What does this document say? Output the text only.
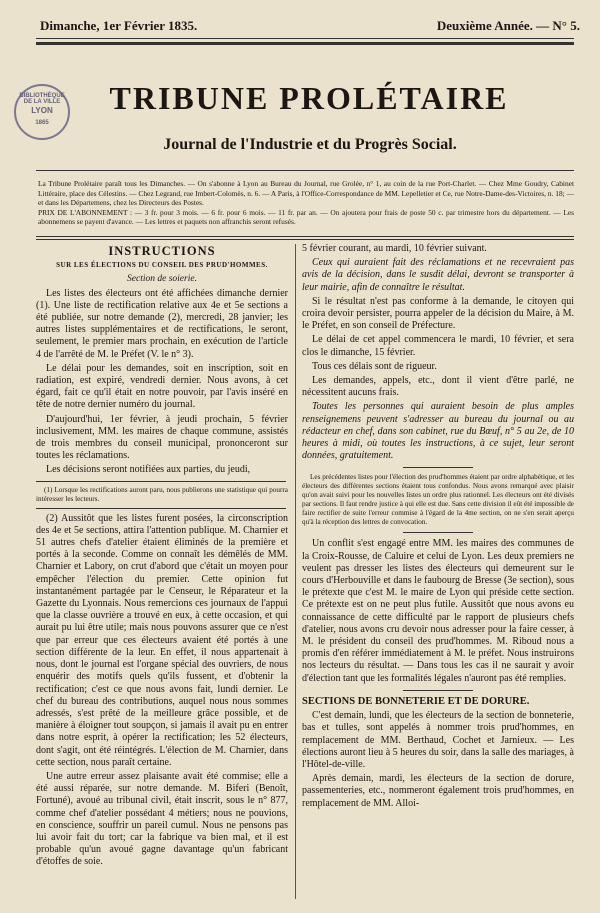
Dimanche, 1er Février 1835.	Deuxième Année. — N° 5.
BIBLIOTHÈQUE DE LA VILLE
LYON
1865
TRIBUNE PROLÉTAIRE
Journal de l'Industrie et du Progrès Social.

La Tribune Prolétaire paraît tous les Dimanches. — On s'abonne à Lyon au Bureau du Journal, rue Grolée, n° 1, au coin de la rue Port-Charlet. — Chez Mme Goudry, Cabinet Littéraire, place des Célestins. — Chez Legrand, rue Imbert-Colomès, n. 6. — A Paris, à l'Office-Correspondance de MM. Lepelletier et Ce, rue Notre-Dame-des-Victoires, n. 18; — et dans les Départemens, chez les Directeurs des Postes.

PRIX DE L'ABONNEMENT : — 3 fr. pour 3 mois. — 6 fr. pour 6 mois. — 11 fr. par an. — On ajoutera pour frais de poste 50 c. par trimestre hors du département. — Les abonnemens se payent d'avance. — Les lettres et paquets non affranchis seront refusés.

INSTRUCTIONS

SUR LES ÉLECTIONS DU CONSEIL DES PRUD'HOMMES.

Section de soierie.

Les listes des électeurs ont été affichées dimanche dernier (1). Une liste de rectification relative aux 4e et 5e sections a été publiée, sur notre demande (2), mercredi, 28 janvier; les autres listes supplémentaires et de rectifications, le seront, seulement, le premier mars prochain, en exécution de l'article 4 de l'arrêté de M. le Préfet (V. le n° 3).

Le délai pour les demandes, soit en inscription, soit en radiation, est expiré, vendredi dernier. Nous avons, à cet égard, fait ce qu'il était en notre pouvoir, par l'avis inséré en tête de notre dernier numéro du journal.

D'aujourd'hui, 1er février, à jeudi prochain, 5 février inclusivement, MM. les maires de chaque commune, assistés de trois membres du conseil municipal, prononceront sur toutes les réclamations.

Les décisions seront notifiées aux parties, du jeudi,

(1) Lorsque les rectifications auront paru, nous publierons une statistique qui pourra intéresser les lecteurs.

(2) Aussitôt que les listes furent posées, la circonscription des 4e et 5e sections, attira l'attention publique. M. Charnier et 51 autres chefs d'atelier étaient éliminés de la première et portés à la seconde. Comme on connaît les démêlés de MM. Charnier et Labory, on crut d'abord que c'était un moyen pour empêcher l'élection du premier. Cette opinion fut instantanément partagée par le Censeur, le Réparateur et la Gazette du Lyonnais. Nous remercions ces journaux de l'appui que la classe ouvrière a trouvé en eux, à cette occasion, et qui aurait pu lui être utile; mais nous pouvons assurer que ce n'est que par erreur que ces électeurs avaient été portés à une section différente de la leur. En effet, il nous appartenait à nous, dont le journal est l'organe spécial des ouvriers, de nous enquérir des motifs quels qu'ils fussent, et d'obtenir la rectification; c'est ce que nous avons fait, lundi dernier. Le chef du bureau des contributions, auquel nous nous sommes adressés, s'est prêté de la meilleure grâce possible, et de manière à éloigner tout soupçon, si jamais il avait pu en entrer dans notre esprit, à opérer la rectification; les 52 électeurs, dont s'agit, ont été réintégrés. L'élection de M. Charnier, dans cette section, nous paraît certaine.

Une autre erreur assez plaisante avait été commise; elle a été aussi réparée, sur notre demande. M. Biferi (Benoît, Fortuné), avoué au tribunal civil, était inscrit, sous le n° 877, comme chef d'atelier possédant 4 métiers; nous ne pouvions, en conscience, souffrir un pareil cumul. Nous ne pensons pas lui avoir fait du tort; car la fabrique va bien mal, et il est probable qu'un avoué gagne davantage qu'un fabricant d'étoffes de soie.

5 février courant, au mardi, 10 février suivant.

Ceux qui auraient fait des réclamations et ne recevraient pas avis de la décision, dans le susdit délai, devront se transporter à leur mairie, afin de connaître le résultat.

Si le résultat n'est pas conforme à la demande, le citoyen qui croira devoir persister, pourra appeler de la décision du Maire, à M. le Préfet, en son conseil de Préfecture.

Le délai de cet appel commencera le mardi, 10 février, et sera clos le dimanche, 15 février.

Tous ces délais sont de rigueur.

Les demandes, appels, etc., dont il vient d'être parlé, ne nécessitent aucuns frais.

Toutes les personnes qui auraient besoin de plus amples renseignemens peuvent s'adresser au bureau du journal ou au rédacteur en chef, dans son cabinet, rue du Bœuf, n° 5 au 2e, de 10 heures à midi, où toutes les instructions, à ce sujet, leur seront données, gratuitement.

Les précédentes listes pour l'élection des prud'hommes étaient par ordre alphabétique, et les électeurs des différentes sections étaient tous confondus. Nous avons remarqué avec plaisir qu'on avait suivi pour les nouvelles listes un ordre plus rationnel. Les électeurs ont été divisés par sections. Il faut rendre justice à qui elle est due. Sans cette division il eût été impossible de faire rectifier de suite l'erreur commise à l'égard de la 4me section, on ne s'en serait aperçu qu'à la réception des lettres de convocation.

Un conflit s'est engagé entre MM. les maires des communes de la Croix-Rousse, de Caluire et celui de Lyon. Les deux premiers ne veulent pas dresser les listes des électeurs qui demeurent sur le cours d'Herbouville et dans le faubourg de Bresse (3e section), sous le prétexte que c'est M. le maire de Lyon qui préside cette section. Ce prétexte est on ne peut plus futile. Aussitôt que nous avons eu connaissance de cette difficulté par le rapport de plusieurs chefs d'atelier, nous avons cru devoir nous adresser pour la faire cesser, à M. le président du conseil des prud'hommes. M. Riboud nous a promis d'en référer immédiatement à M. le préfet. Nous instruirons nos lecteurs du résultat. — Dans tous les cas il ne saurait y avoir d'élection tant que les formalités légales n'auront pas été remplies.

SECTIONS DE BONNETERIE ET DE DORURE.

C'est demain, lundi, que les électeurs de la section de bonneterie, bas et tulles, sont appelés à nommer trois prud'hommes, en remplacement de MM. Berthaud, Cochet et Jarnieux. — Les élections auront lieu à 5 heures du soir, dans la salle des mariages, à l'Hôtel-de-ville.

Après demain, mardi, les électeurs de la section de dorure, passementeries, etc., nommeront également trois prud'hommes, en remplacement de MM. Alloi-
